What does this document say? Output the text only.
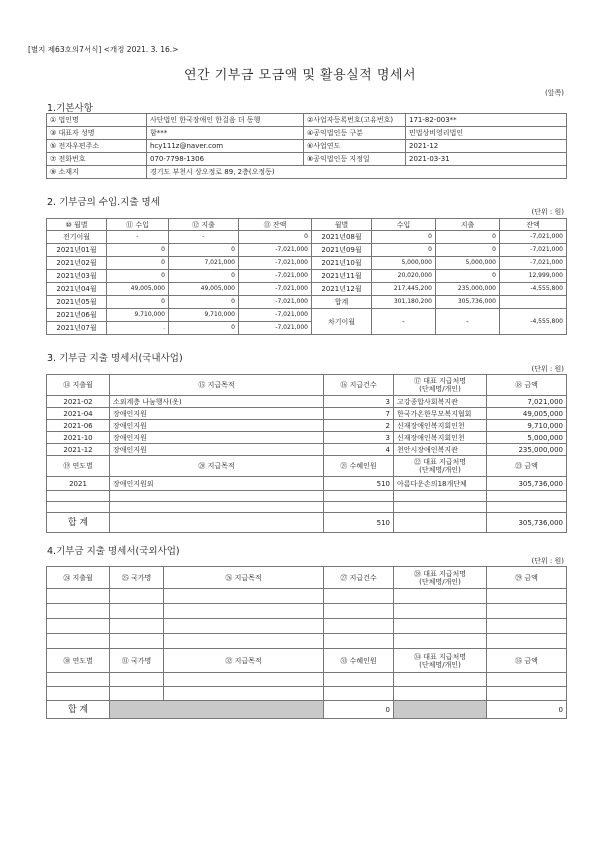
[별지 제63호의7서식] <개정 2021. 3. 16.>
연간 기부금 모금액 및 활용실적 명세서
(앞쪽)
1.기본사항
① 법인명	사단법인 한국장애인 한걸음 더 동행	②사업자등록번호(고유번호)	171-82-003**
③ 대표자 성명	함***	④공익법인등 구분	민법상비영리법인
⑤ 전자우편주소	hcy111z@naver.com	⑥사업연도	2021-12
⑦ 전화번호	070-7798-1306	⑧공익법인등 지정일	2021-03-31
⑨ 소재지	경기도 부천시 상오정로 89, 2층(오정동)		
2. 기부금의 수입.지출 명세
(단위 : 원)
⑩ 월별	⑪ 수입	⑫ 지출	⑬ 잔액	월별	수입	지출	잔액
전기이월	-	-	0	2021년08월	0	0	-7,021,000
2021년01월	0	0	-7,021,000	2021년09월	0	0	-7,021,000
2021년02월	0	7,021,000	-7,021,000	2021년10월	5,000,000	5,000,000	-7,021,000
2021년03월	0	0	-7,021,000	2021년11월	20,020,000	0	12,999,000
2021년04월	49,005,000	49,005,000	-7,021,000	2021년12월	217,445,200	235,000,000	-4,555,800
2021년05월	0	0	-7,021,000	합계	301,180,200	305,736,000	
2021년06월	9,710,000	9,710,000	-7,021,000	차기이월	-	-	-4,555,800
2021년07월	.	0	-7,021,000				
3. 기부금 지출 명세서(국내사업)
(단위 : 원)
⑭ 지출월	⑮ 지급목적	⑯ 지급건수	⑰ 대표 지급처명
(단체명/개인)	⑱ 금액
2021-02	소외계층 나눔행사(옷)	3	고강종합사회복지관	7,021,000
2021-04	장애인지원	7	한국가온한무모복지협회	49,005,000
2021-06	장애인지원	2	신재장애인복지회인천	9,710,000
2021-10	장애인지원	3	신재장애인복지회인천	5,000,000
2021-12	장애인지원	4	천안시장애인복지관	235,000,000
⑲ 연도별	⑳ 지급목적	㉑ 수혜인원	㉒ 대표 지급처명
(단체명/개인)	㉓ 금액
2021	장애인지원외	510	아름다운손의18개단체	305,736,000

합 계		510		305,736,000
4.기부금 지출 명세서(국외사업)
(단위 : 원)
㉔ 지출월	㉕ 국가명	㉖ 지급목적	㉗ 지급건수	㉘ 대표 지급처명
(단체명/개인)	㉙ 금액

㉚ 연도별	㉛ 국가명	㉜ 지급목적	㉝ 수혜인원	㉞ 대표 지급처명
(단체명/개인)	㉟ 금액

합 계			0		0
